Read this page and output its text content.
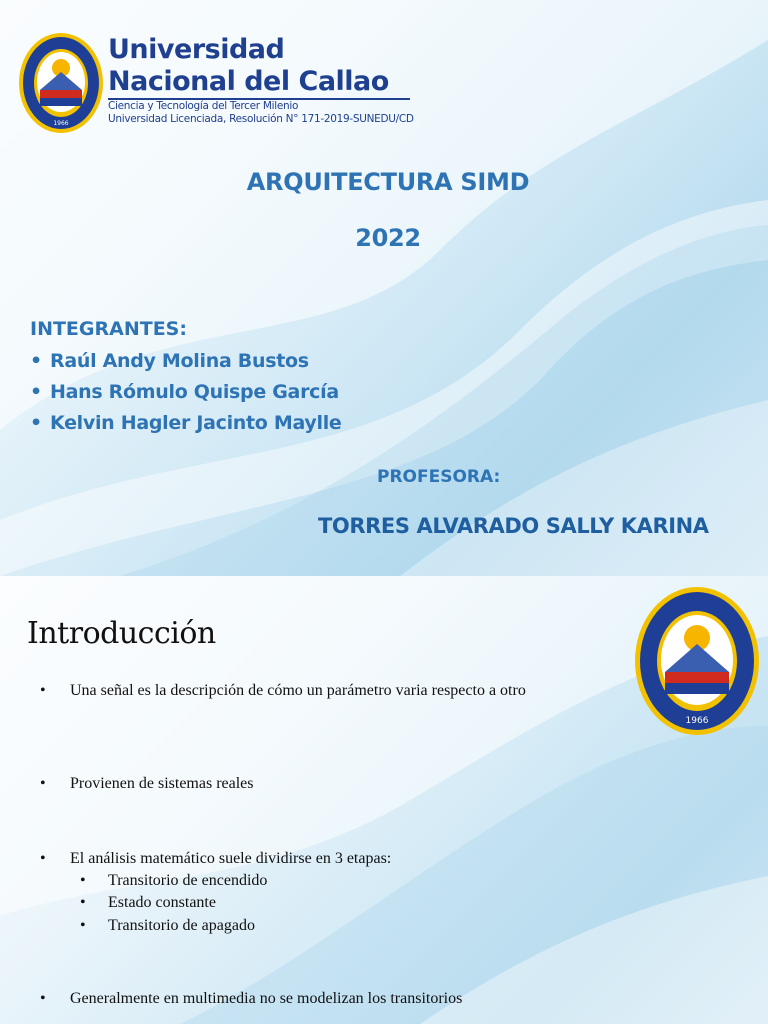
1966
Universidad
Nacional del Callao
Ciencia y Tecnología del Tercer Milenio
Universidad Licenciada, Resolución N° 171-2019-SUNEDU/CD
ARQUITECTURA SIMD
2022
INTEGRANTES:
• Raúl Andy Molina Bustos
• Hans Rómulo Quispe García
• Kelvin Hagler Jacinto Maylle
PROFESORA:
TORRES ALVARADO SALLY KARINA
Introducción
1966
• Una señal es la descripción de cómo un parámetro varia respecto a otro
• Provienen de sistemas reales
• El análisis matemático suele dividirse en 3 etapas:
• Transitorio de encendido
• Estado constante
• Transitorio de apagado
• Generalmente en multimedia no se modelizan los transitorios
